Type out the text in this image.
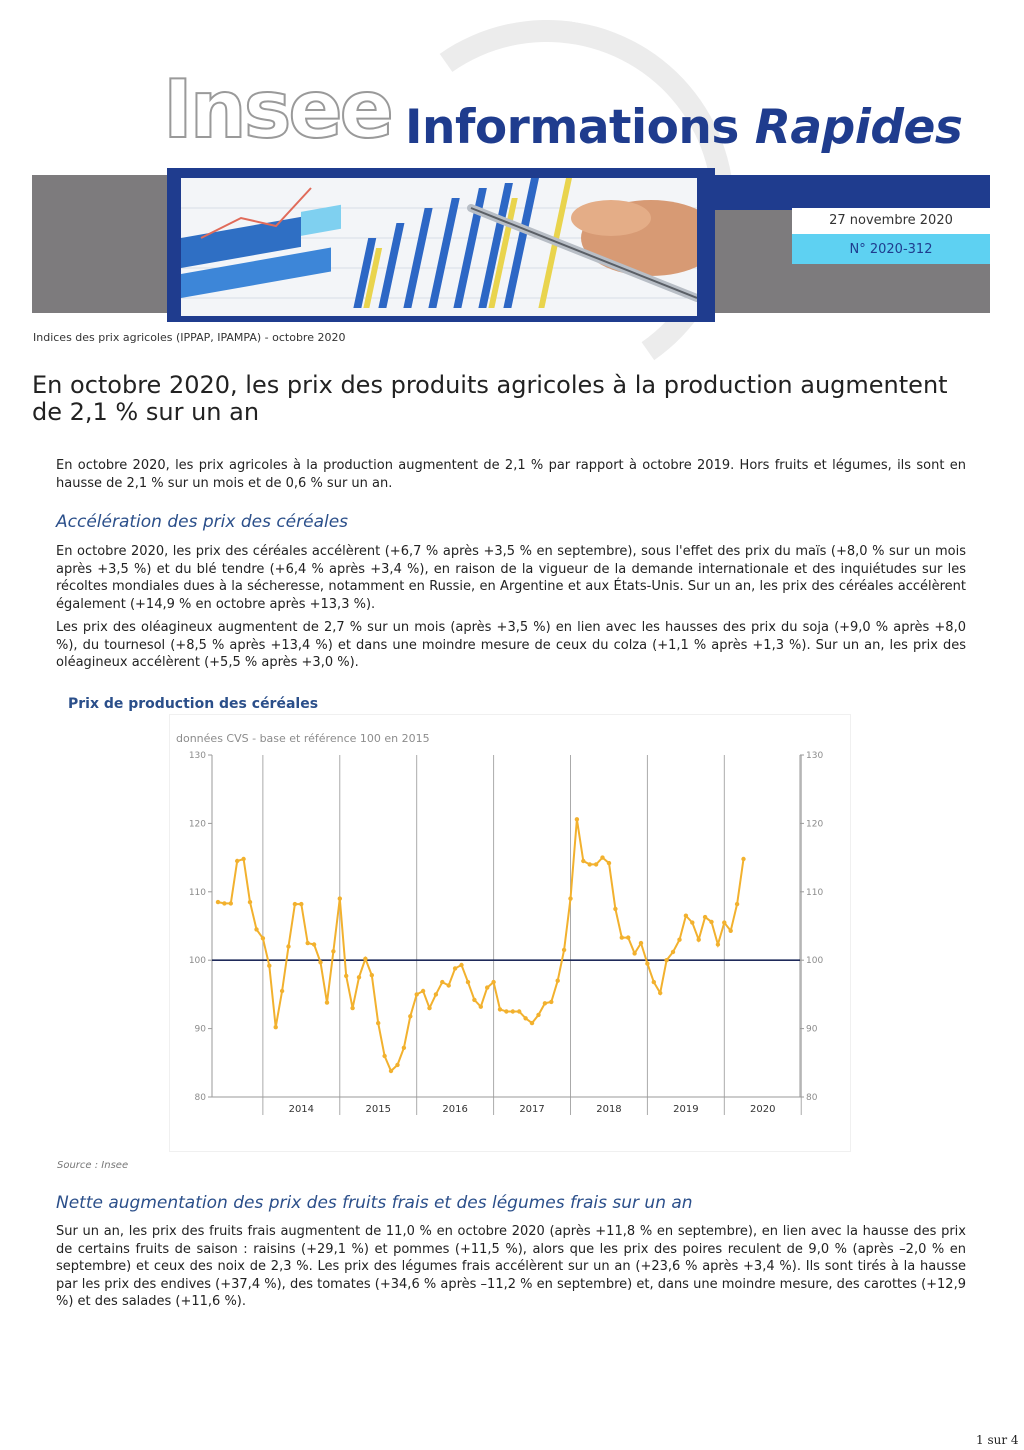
Insee Informations Rapides
27 novembre 2020
N° 2020-312
Indices des prix agricoles (IPPAP, IPAMPA) - octobre 2020
En octobre 2020, les prix des produits agricoles à la production augmentent de 2,1 % sur un an
En octobre 2020, les prix agricoles à la production augmentent de 2,1 % par rapport à octobre 2019. Hors fruits et légumes, ils sont en hausse de 2,1 % sur un mois et de 0,6 % sur un an.
Accélération des prix des céréales
En octobre 2020, les prix des céréales accélèrent (+6,7 % après +3,5 % en septembre), sous l'effet des prix du maïs (+8,0 % sur un mois après +3,5 %) et du blé tendre (+6,4 % après +3,4 %), en raison de la vigueur de la demande internationale et des inquiétudes sur les récoltes mondiales dues à la sécheresse, notamment en Russie, en Argentine et aux États-Unis. Sur un an, les prix des céréales accélèrent également (+14,9 % en octobre après +13,3 %).
Les prix des oléagineux augmentent de 2,7 % sur un mois (après +3,5 %) en lien avec les hausses des prix du soja (+9,0 % après +8,0 %), du tournesol (+8,5 % après +13,4 %) et dans une moindre mesure de ceux du colza (+1,1 % après +1,3 %). Sur un an, les prix des oléagineux accélèrent (+5,5 % après +3,0 %).
Prix de production des céréales
données CVS - base et référence 100 en 2015
130	130
120	120
110	110
100	100
90	90
80	80
2014	2015	2016	2017	2018	2019	2020
Source : Insee
Nette augmentation des prix des fruits frais et des légumes frais sur un an
Sur un an, les prix des fruits frais augmentent de 11,0 % en octobre 2020 (après +11,8 % en septembre), en lien avec la hausse des prix de certains fruits de saison : raisins (+29,1 %) et pommes (+11,5 %), alors que les prix des poires reculent de 9,0 % (après –2,0 % en septembre) et ceux des noix de 2,3 %. Les prix des légumes frais accélèrent sur un an (+23,6 % après +3,4 %). Ils sont tirés à la hausse par les prix des endives (+37,4 %), des tomates (+34,6 % après –11,2 % en septembre) et, dans une moindre mesure, des carottes (+12,9 %) et des salades (+11,6 %).
1 sur 4
